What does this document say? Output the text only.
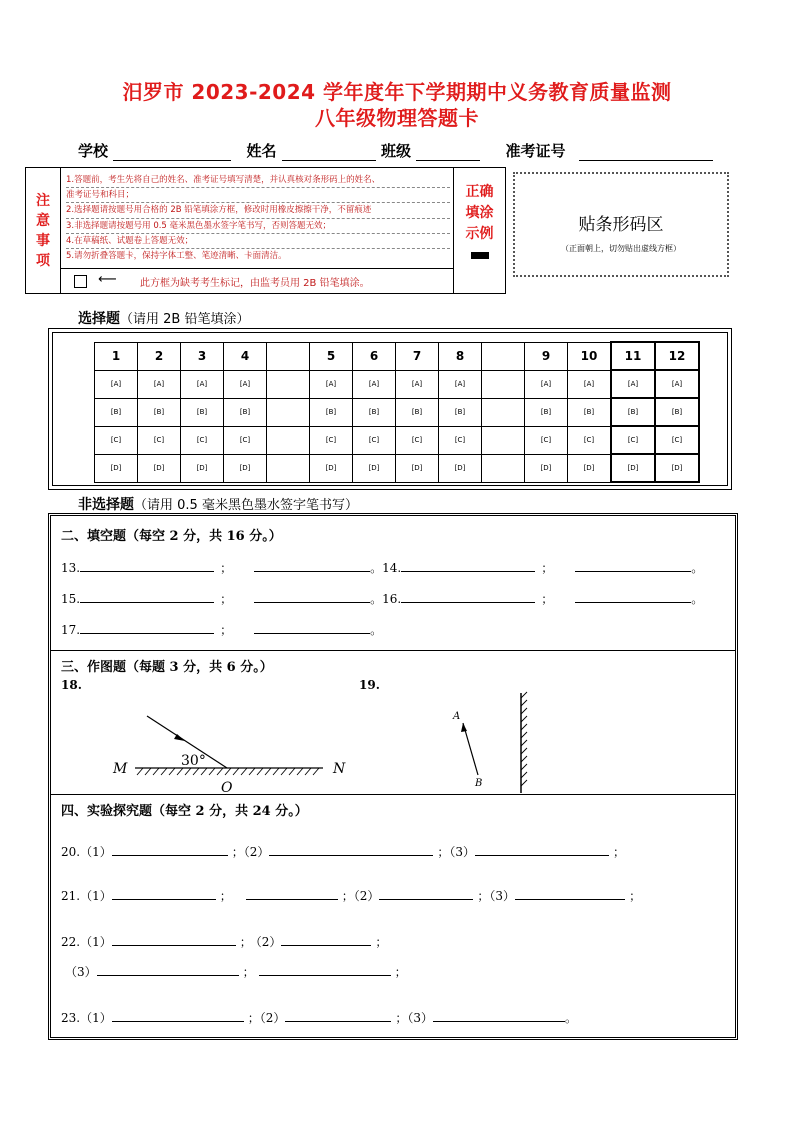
汨罗市 2023-2024 学年度年下学期期中义务教育质量监测
八年级物理答题卡
学校	姓名	班级	准考证号
注
意
事
项
1.答题前，考生先将自己的姓名、准考证号填写清楚，并认真核对条形码上的姓名、
准考证号和科目；
2.选择题请按题号用合格的 2B 铅笔填涂方框，修改时用橡皮擦擦干净，不留痕迹
3.非选择题请按题号用 0.5 毫米黑色墨水签字笔书写，否则答题无效；
4.在草稿纸、试题卷上答题无效；
5.请勿折叠答题卡，保持字体工整、笔迹清晰、卡面清洁。
⟵ 此方框为缺考考生标记，由监考员用 2B 铅笔填涂。
正确
填涂
示例	贴条形码区
（正面朝上，切勿贴出虚线方框）
选择题（请用 2B 铅笔填涂）
1	2	3	4		5	6	7	8		9	10	11	12
[A]	[A]	[A]	[A]		[A]	[A]	[A]	[A]		[A]	[A]	[A]	[A]
[B]	[B]	[B]	[B]		[B]	[B]	[B]	[B]		[B]	[B]	[B]	[B]
[C]	[C]	[C]	[C]		[C]	[C]	[C]	[C]		[C]	[C]	[C]	[C]
[D]	[D]	[D]	[D]		[D]	[D]	[D]	[D]		[D]	[D]	[D]	[D]
非选择题（请用 0.5 毫米黑色墨水签字笔书写）
二、填空题（每空 2 分，共 16 分。）
13.	；	。14.	；	。
15.	；	。16.	；	。
17.	；	。
三、作图题（每题 3 分，共 6 分。）
18.	19.
30°
M	N
O
A
B
四、实验探究题（每空 2 分，共 24 分。）
20.（1）	；（2）	；（3）	；
21.（1）	；	；（2）	；（3）	；
22.（1）	； （2）	；
（3）	；	；
23.（1）	；（2）	；（3）	。
